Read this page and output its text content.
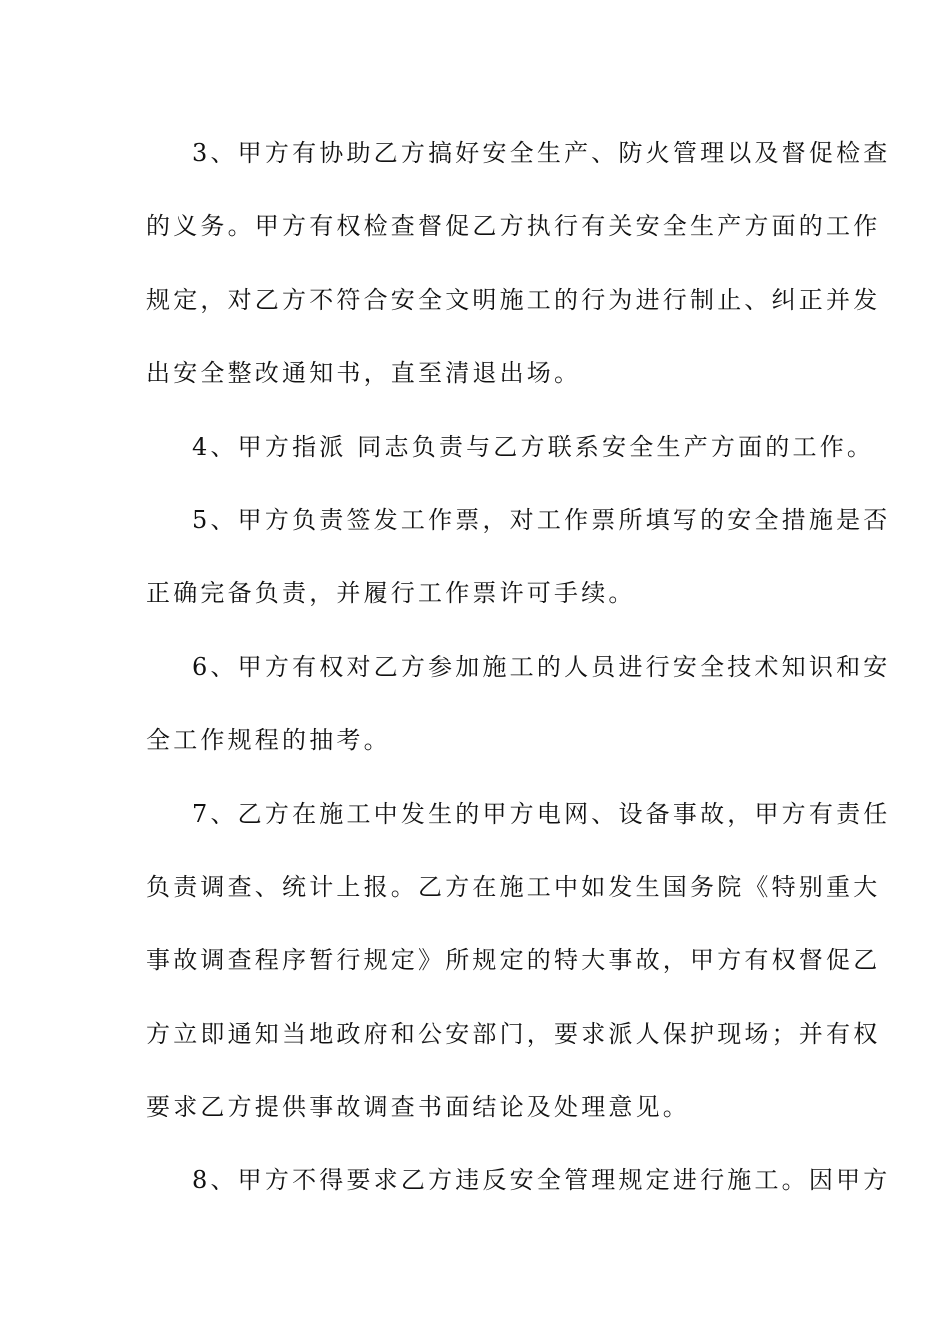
3、甲方有协助乙方搞好安全生产、防火管理以及督促检查
的义务。甲方有权检查督促乙方执行有关安全生产方面的工作
规定，对乙方不符合安全文明施工的行为进行制止、纠正并发
出安全整改通知书，直至清退出场。
4、甲方指派 同志负责与乙方联系安全生产方面的工作。
5、甲方负责签发工作票，对工作票所填写的安全措施是否
正确完备负责，并履行工作票许可手续。
6、甲方有权对乙方参加施工的人员进行安全技术知识和安
全工作规程的抽考。
7、乙方在施工中发生的甲方电网、设备事故，甲方有责任
负责调查、统计上报。乙方在施工中如发生国务院《特别重大
事故调查程序暂行规定》所规定的特大事故，甲方有权督促乙
方立即通知当地政府和公安部门，要求派人保护现场；并有权
要求乙方提供事故调查书面结论及处理意见。
8、甲方不得要求乙方违反安全管理规定进行施工。因甲方
